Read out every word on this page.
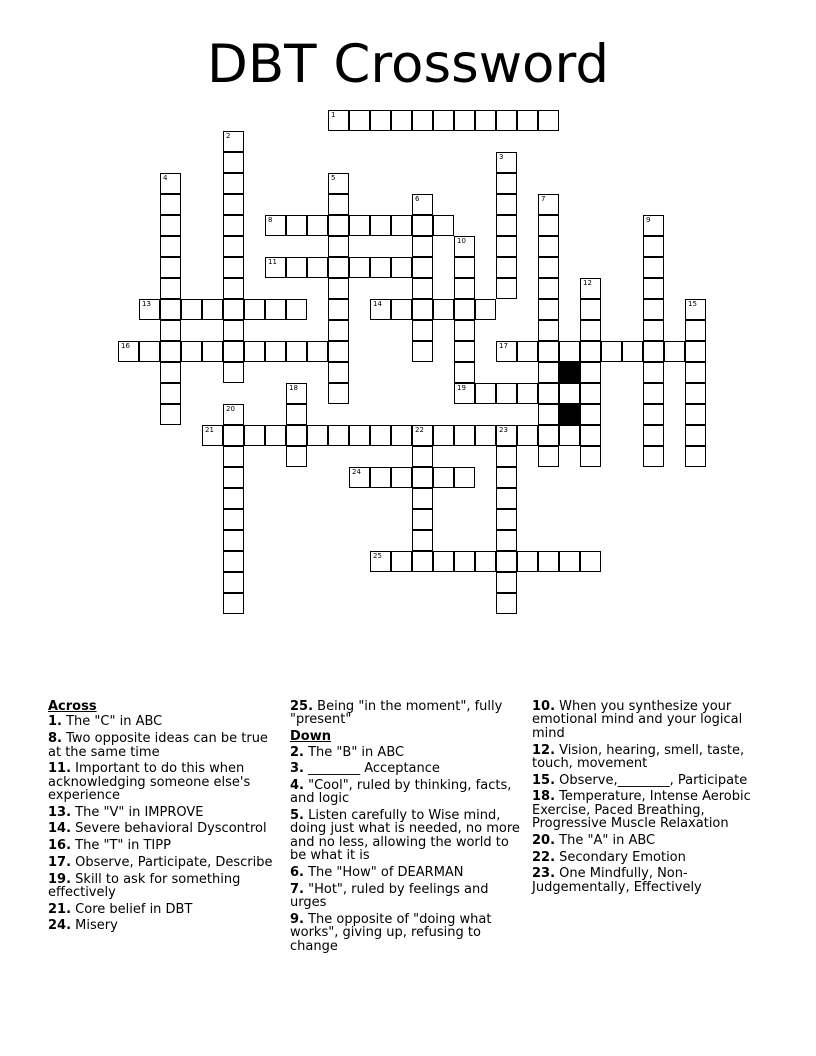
DBT Crossword
1
2
3
4	5
6	7
8	9
10
11
12
13	14	15
16	17
18	19
20
21	22	23
24
25
Across
1. The "C" in ABC
8. Two opposite ideas can be true at the same time
11. Important to do this when acknowledging someone else's experience
13. The "V" in IMPROVE
14. Severe behavioral Dyscontrol
16. The "T" in TIPP
17. Observe, Participate, Describe
19. Skill to ask for something effectively
21. Core belief in DBT
24. Misery
25. Being "in the moment", fully "present"
Down
2. The "B" in ABC
3. ________ Acceptance
4. "Cool", ruled by thinking, facts, and logic
5. Listen carefully to Wise mind, doing just what is needed, no more and no less, allowing the world to be what it is
6. The "How" of DEARMAN
7. "Hot", ruled by feelings and urges
9. The opposite of "doing what works", giving up, refusing to change
10. When you synthesize your emotional mind and your logical mind
12. Vision, hearing, smell, taste, touch, movement
15. Observe,________, Participate
18. Temperature, Intense Aerobic Exercise, Paced Breathing, Progressive Muscle Relaxation
20. The "A" in ABC
22. Secondary Emotion
23. One Mindfully, Non-Judgementally, Effectively
